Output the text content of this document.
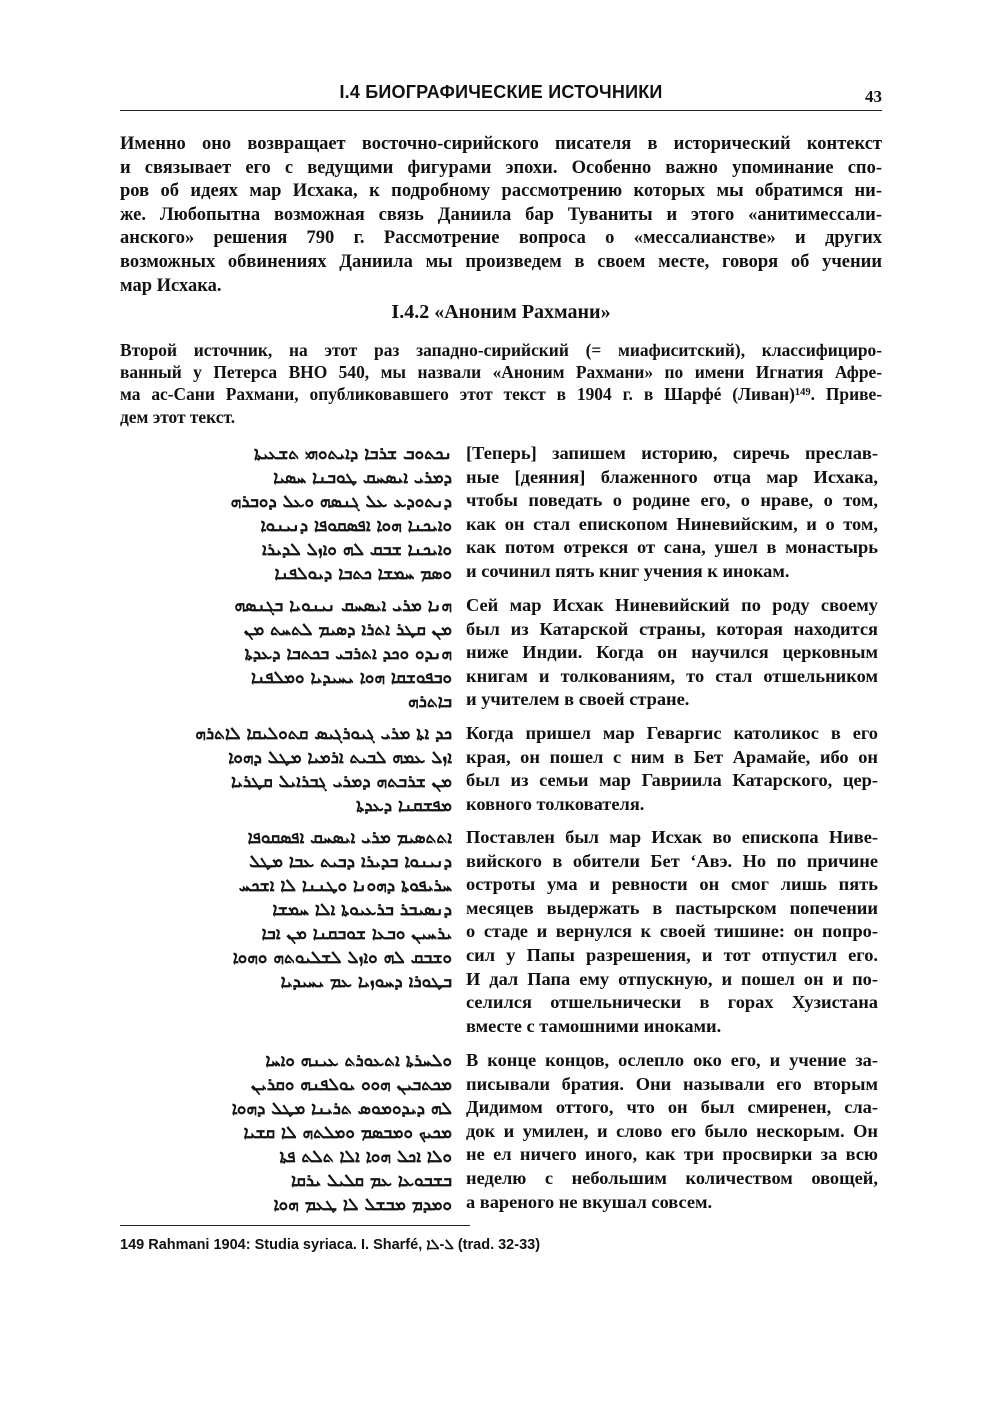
I.4 БИОГРАФИЧЕСКИЕ ИСТОЧНИКИ	43
Именно оно возвращает восточно-сирийского писателя в исторический контекст
и связывает его с ведущими фигурами эпохи. Особенно важно упоминание спо-
ров об идеях мар Исхака, к подробному рассмотрению которых мы обратимся ни-
же. Любопытна возможная связь Даниила бар Туваниты и этого «анитимессали-
анского» решения 790 г. Рассмотрение вопроса о «мессалианстве» и других
возможных обвинениях Даниила мы произведем в своем месте, говоря об учении
мар Исхака.
I.4.2 «Аноним Рахмани»
Второй источник, на этот раз западно-сирийский (= миафиситский), классифициро-
ванный у Петерса BHO 540, мы назвали «Аноним Рахмани» по имени Игнатия Афре-
ма ас-Сани Рахмани, опубликовавшего этот текст в 1904 г. в Шарфé (Ливан)¹⁴⁹. Приве-
дем этот текст.
ܢܟܬܘܒ ܫܪܒܐ ܕܐܝܬܘܗܝ ܬܫܥܝܬܐ
ܕܡܪܝ ܐܝܣܚܩ ܛܘܒܢܐ ܚܣܝܐ
ܕܢܬܘܕܥ ܥܠ ܓܢܣܗ ܘܥܠ ܕܘܒܪܗ
ܘܐܝܟܢܐ ܗܘܐ ܐܦܣܩܘܦܐ ܕܢܝܢܘܐ
ܘܐܝܟܢܐ ܫܒܩ ܠܗ ܘܐܙܠ ܠܕܝܪܐ
ܘܣܡ ܚܡܫܐ ܟܬܒܐ ܕܝܘܠܦܢܐ
[Теперь] запишем историю, сиречь преслав-
ные [деяния] блаженного отца мар Исхака,
чтобы поведать о родине его, о нраве, о том,
как он стал епископом Ниневийским, и о том,
как потом отрекся от сана, ушел в монастырь
и сочинил пять книг учения к инокам.
ܗܢܐ ܡܪܝ ܐܝܣܚܩ ܢܝܢܘܝܐ ܒܓܢܣܗ
ܡܢ ܩܛܪ ܐܬܪܐ ܕܣܝܡ ܠܬܚܬ ܡܢ
ܗܢܕܘ ܘܟܕ ܐܬܪܒܝ ܒܟܬܒܐ ܕܥܕܬܐ
ܘܒܦܘܫܩܐ ܗܘܐ ܝܚܝܕܝܐ ܘܡܠܦܢܐ
ܒܐܬܪܗ
Сей мар Исхак Ниневийский по роду своему
был из Катарской страны, которая находится
ниже Индии. Когда он научился церковным
книгам и толкованиям, то стал отшельником
и учителем в своей стране.
ܟܕ ܐܬܐ ܡܪܝ ܓܝܘܪܓܝܣ ܩܬܘܠܝܩܐ ܠܐܬܪܗ
ܐܙܠ ܥܡܗ ܠܒܝܬ ܐܪܡܝܐ ܡܛܠ ܕܗܘܐ
ܡܢ ܫܪܒܬܗ ܕܡܪܝ ܓܒܪܐܝܠ ܩܛܪܝܐ
ܡܦܫܩܢܐ ܕܥܕܬܐ
Когда пришел мар Геваргис католикос в его
края, он пошел с ним в Бет Арамайе, ибо он
был из семьи мар Гавриила Катарского, цер-
ковного толкователя.
ܐܬܬܣܝܡ ܡܪܝ ܐܝܣܚܩ ܐܦܣܩܘܦܐ
ܕܢܝܢܘܐ ܒܕܝܪܐ ܕܒܝܬ ܥܒܐ ܡܛܠ
ܚܪܝܦܘܬܐ ܕܗܘܢܐ ܘܛܢܢܐ ܠܐ ܐܫܟܚ
ܕܢܣܝܒܪ ܒܪܥܝܘܬܐ ܐܠܐ ܚܡܫܐ
ܝܪܚܝܢ ܘܒܥܐ ܫܘܒܩܢܐ ܡܢ ܐܒܐ
ܘܫܒܩ ܠܗ ܘܐܙܠ ܠܫܠܝܘܬܗ ܘܗܘܐ
ܒܛܘܪܐ ܕܚܘܙܝܐ ܥܡ ܝܚܝܕܝܐ
Поставлен был мар Исхак во епископа Ниве-
вийского в обители Бет ‘Авэ. Но по причине
остроты ума и ревности он смог лишь пять
месяцев выдержать в пастырском попечении
о стаде и вернулся к своей тишине: он попро-
сил у Папы разрешения, и тот отпустил его.
И дал Папа ему отпускную, и пошел он и по-
селился отшельнически в горах Хузистана
вместе с тамошними иноками.
ܘܠܚܪܬܐ ܐܬܥܘܪܬ ܥܝܢܗ ܘܐܚܐ
ܡܟܬܒܝܢ ܗܘܘ ܝܘܠܦܢܗ ܘܩܪܝܢ
ܠܗ ܕܝܕܘܡܘܣ ܬܪܝܢܐ ܡܛܠ ܕܗܘܐ
ܡܟܝܟ ܘܡܒܣܡ ܘܡܠܬܗ ܠܐ ܩܫܝܐ
ܘܠܐ ܐܟܠ ܗܘܐ ܐܠܐ ܬܠܬ ܦܬܐ
ܒܫܒܘܥܐ ܥܡ ܩܠܝܠ ܝܪܩܐ
ܘܡܕܡ ܡܒܫܠ ܠܐ ܛܥܡ ܗܘܐ
В конце концов, ослепло око его, и учение за-
писывали братия. Они называли его вторым
Дидимом оттого, что он был смиренен, сла-
док и умилен, и слово его было нескорым. Он
не ел ничего иного, как три просвирки за всю
неделю с небольшим количеством овощей,
а вареного не вкушал совсем.
149 Rahmani 1904: Studia syriaca. I. Sharfé, ܠ-ܠܐ (trad. 32-33)
